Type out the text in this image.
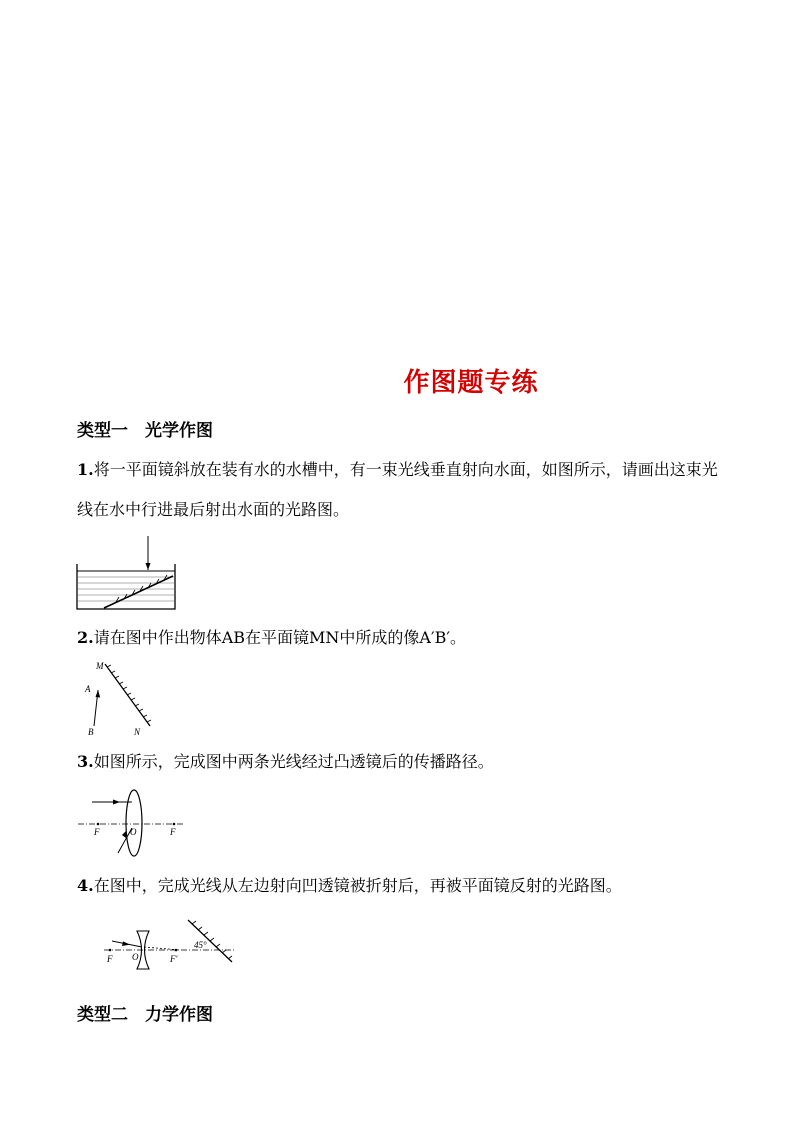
作图题专练
类型一　光学作图
1.将一平面镜斜放在装有水的水槽中，有一束光线垂直射向水面，如图所示，请画出这束光线在水中行进最后射出水面的光路图。
2.请在图中作出物体AB在平面镜MN中所成的像A′B′。
M
A
B	N
3.如图所示，完成图中两条光线经过凸透镜后的传播路径。
F	O	F
4.在图中，完成光线从左边射向凹透镜被折射后，再被平面镜反射的光路图。
F O	F′
45°
类型二　力学作图
